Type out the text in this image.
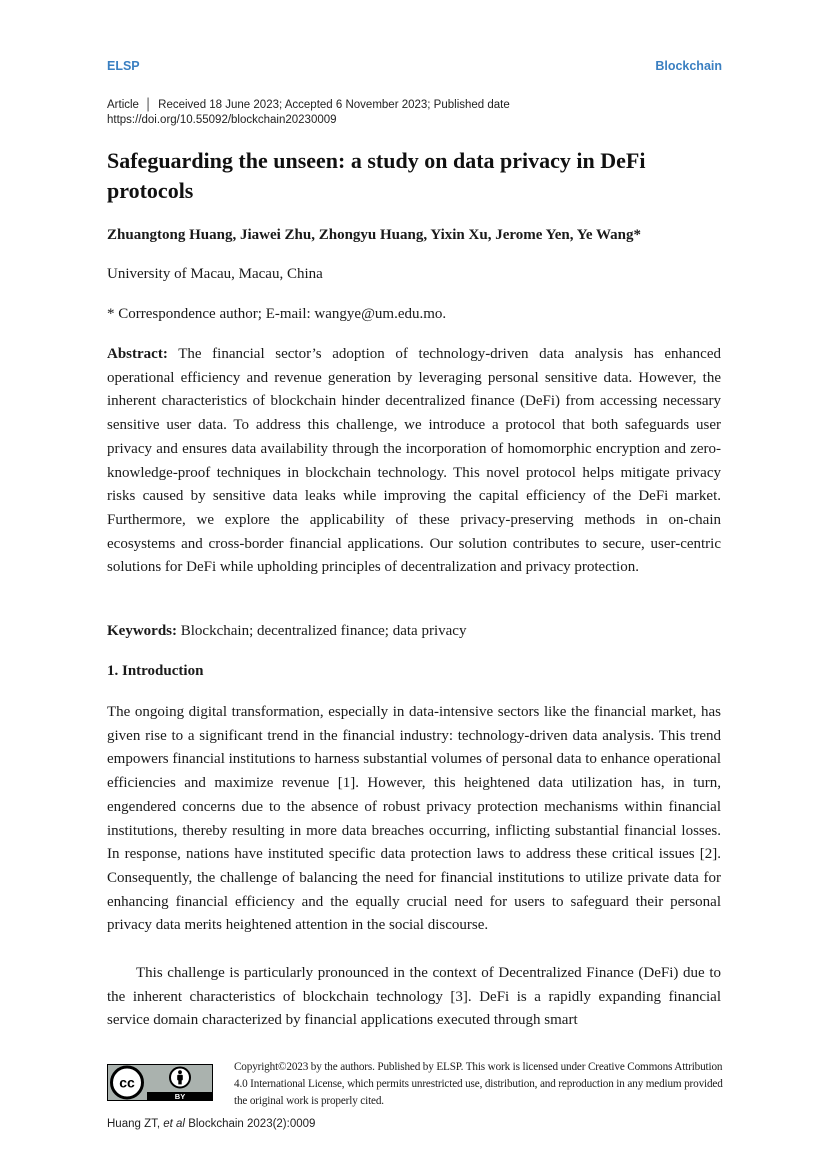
ELSP	Blockchain
Article │ Received 18 June 2023; Accepted 6 November 2023; Published date
https://doi.org/10.55092/blockchain20230009
Safeguarding the unseen: a study on data privacy in DeFi protocols

Zhuangtong Huang, Jiawei Zhu, Zhongyu Huang, Yixin Xu, Jerome Yen, Ye Wang*

University of Macau, Macau, China

* Correspondence author; E-mail: wangye@um.edu.mo.

Abstract: The financial sector’s adoption of technology-driven data analysis has enhanced operational efficiency and revenue generation by leveraging personal sensitive data. However, the inherent characteristics of blockchain hinder decentralized finance (DeFi) from accessing necessary sensitive user data. To address this challenge, we introduce a protocol that both safeguards user privacy and ensures data availability through the incorporation of homomorphic encryption and zero-knowledge-proof techniques in blockchain technology. This novel protocol helps mitigate privacy risks caused by sensitive data leaks while improving the capital efficiency of the DeFi market. Furthermore, we explore the applicability of these privacy-preserving methods in on-chain ecosystems and cross-border financial applications. Our solution contributes to secure, user-centric solutions for DeFi while upholding principles of decentralization and privacy protection.

Keywords: Blockchain; decentralized finance; data privacy

1. Introduction

The ongoing digital transformation, especially in data-intensive sectors like the financial market, has given rise to a significant trend in the financial industry: technology-driven data analysis. This trend empowers financial institutions to harness substantial volumes of personal data to enhance operational efficiencies and maximize revenue [1]. However, this heightened data utilization has, in turn, engendered concerns due to the absence of robust privacy protection mechanisms within financial institutions, thereby resulting in more data breaches occurring, inflicting substantial financial losses. In response, nations have instituted specific data protection laws to address these critical issues [2]. Consequently, the challenge of balancing the need for financial institutions to utilize private data for enhancing financial efficiency and the equally crucial need for users to safeguard their personal privacy data merits heightened attention in the social discourse.

This challenge is particularly pronounced in the context of Decentralized Finance (DeFi) due to the inherent characteristics of blockchain technology [3]. DeFi is a rapidly expanding financial service domain characterized by financial applications executed through smart

cc
BY

Copyright©2023 by the authors. Published by ELSP. This work is licensed under Creative Commons Attribution 4.0 International License, which permits unrestricted use, distribution, and reproduction in any medium provided the original work is properly cited.

Huang ZT, et al Blockchain 2023(2):0009
